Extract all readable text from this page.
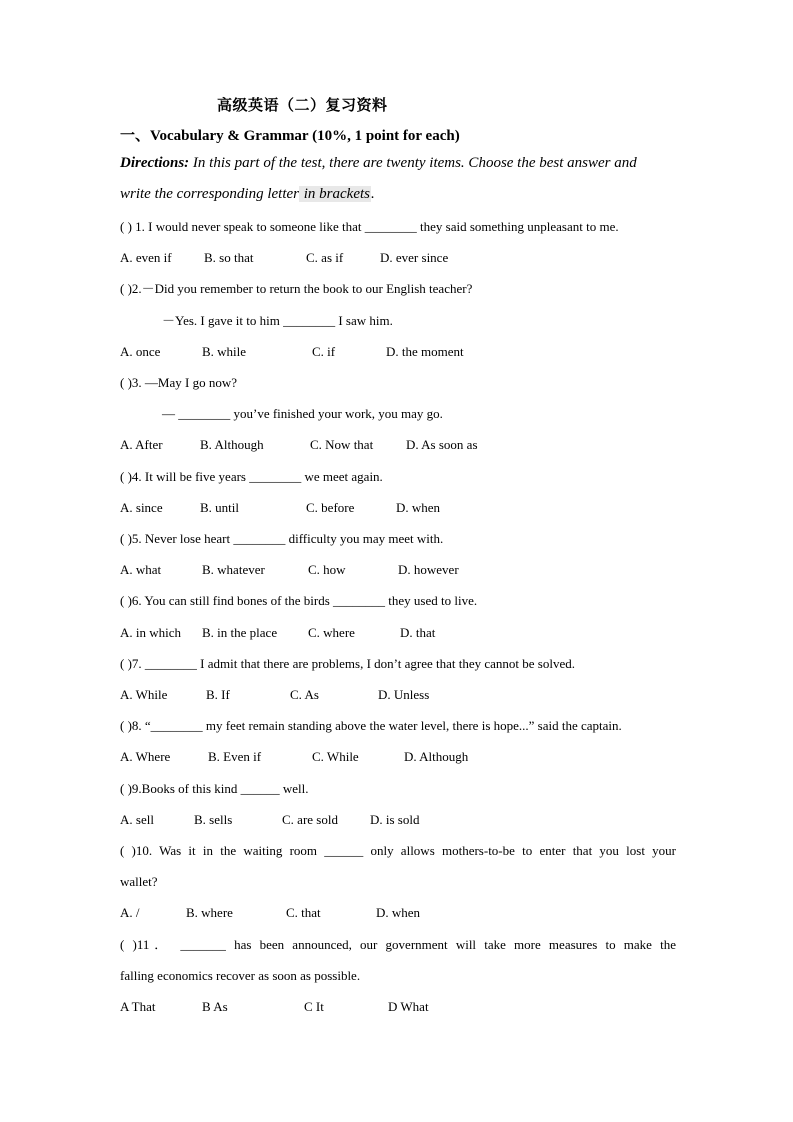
高级英语（二）复习资料
一、Vocabulary & Grammar (10%, 1 point for each)
Directions: In this part of the test, there are twenty items. Choose the best answer and
write the corresponding letter in brackets.
( ) 1. I would never speak to someone like that ________ they said something unpleasant to me.
A. even if B. so that	C. as if	D. ever since
( )2.－Did you remember to return the book to our English teacher?
－Yes. I gave it to him ________ I saw him.
A. once	B. while	C. if	D. the moment
( )3. —May I go now?
— ________ you’ve finished your work, you may go.
A. After	B. Although	C. Now that	D. As soon as
( )4. It will be five years ________ we meet again.
A. since	B. until	C. before	D. when
( )5. Never lose heart ________ difficulty you may meet with.
A. what	B. whatever	C. how	D. however
( )6. You can still find bones of the birds ________ they used to live.
A. in which B. in the place C. where	D. that
( )7. ________ I admit that there are problems, I don’t agree that they cannot be solved.
A. While	B. If	C. As	D. Unless
( )8. “________ my feet remain standing above the water level, there is hope...” said the captain.
A. Where	B. Even if	C. While	D. Although
( )9.Books of this kind ______ well.
A. sell	B. sells	C. are sold D. is sold
( )10. Was it in the waiting room ______ only allows mothers-to-be to enter that you lost your
wallet?
A. /	B. where	C. that	D. when
( )11． _______ has been announced, our government will take more measures to make the
falling economics recover as soon as possible.
A That	B As	C It	D What
